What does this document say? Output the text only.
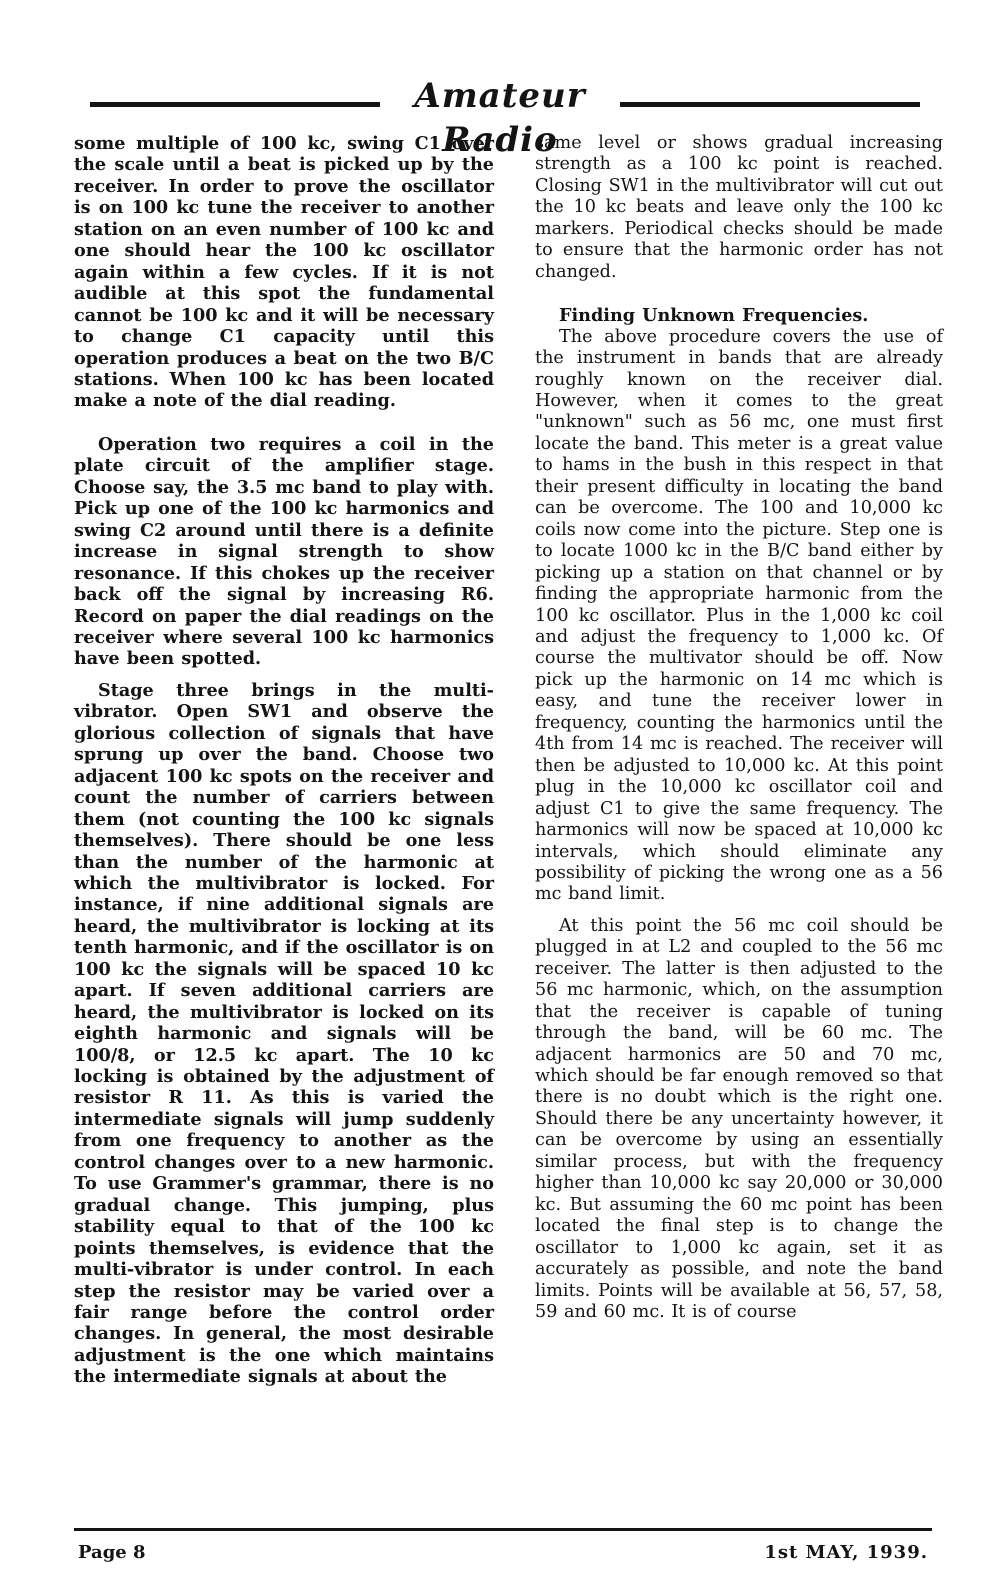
Amateur Radio

some multiple of 100 kc, swing C1 over the scale until a beat is picked up by the receiver. In order to prove the oscillator is on 100 kc tune the receiver to another station on an even number of 100 kc and one should hear the 100 kc oscillator again within a few cycles. If it is not audible at this spot the fundamental cannot be 100 kc and it will be necessary to change C1 capacity until this operation produces a beat on the two B/C stations. When 100 kc has been located make a note of the dial reading.

Operation two requires a coil in the plate circuit of the amplifier stage. Choose say, the 3.5 mc band to play with. Pick up one of the 100 kc harmonics and swing C2 around until there is a definite increase in signal strength to show resonance. If this chokes up the receiver back off the signal by increasing R6. Record on paper the dial readings on the receiver where several 100 kc harmonics have been spotted.

Stage three brings in the multi-vibrator. Open SW1 and observe the glorious collection of signals that have sprung up over the band. Choose two adjacent 100 kc spots on the receiver and count the number of carriers between them (not counting the 100 kc signals themselves). There should be one less than the number of the harmonic at which the multivibrator is locked. For instance, if nine additional signals are heard, the multivibrator is locking at its tenth harmonic, and if the oscillator is on 100 kc the signals will be spaced 10 kc apart. If seven additional carriers are heard, the multivibrator is locked on its eighth harmonic and signals will be 100/8, or 12.5 kc apart. The 10 kc locking is obtained by the adjustment of resistor R 11. As this is varied the intermediate signals will jump suddenly from one frequency to another as the control changes over to a new harmonic. To use Grammer's grammar, there is no gradual change. This jumping, plus stability equal to that of the 100 kc points themselves, is evidence that the multi-vibrator is under control. In each step the resistor may be varied over a fair range before the control order changes. In general, the most desirable adjustment is the one which maintains the intermediate signals at about the

same level or shows gradual increasing strength as a 100 kc point is reached. Closing SW1 in the multivibrator will cut out the 10 kc beats and leave only the 100 kc markers. Periodical checks should be made to ensure that the harmonic order has not changed.

Finding Unknown Frequencies.

The above procedure covers the use of the instrument in bands that are already roughly known on the receiver dial. However, when it comes to the great "unknown" such as 56 mc, one must first locate the band. This meter is a great value to hams in the bush in this respect in that their present difficulty in locating the band can be overcome. The 100 and 10,000 kc coils now come into the picture. Step one is to locate 1000 kc in the B/C band either by picking up a station on that channel or by finding the appropriate harmonic from the 100 kc oscillator. Plus in the 1,000 kc coil and adjust the frequency to 1,000 kc. Of course the multivator should be off. Now pick up the harmonic on 14 mc which is easy, and tune the receiver lower in frequency, counting the harmonics until the 4th from 14 mc is reached. The receiver will then be adjusted to 10,000 kc. At this point plug in the 10,000 kc oscillator coil and adjust C1 to give the same frequency. The harmonics will now be spaced at 10,000 kc intervals, which should eliminate any possibility of picking the wrong one as a 56 mc band limit.

At this point the 56 mc coil should be plugged in at L2 and coupled to the 56 mc receiver. The latter is then adjusted to the 56 mc harmonic, which, on the assumption that the receiver is capable of tuning through the band, will be 60 mc. The adjacent harmonics are 50 and 70 mc, which should be far enough removed so that there is no doubt which is the right one. Should there be any uncertainty however, it can be overcome by using an essentially similar process, but with the frequency higher than 10,000 kc say 20,000 or 30,000 kc. But assuming the 60 mc point has been located the final step is to change the oscillator to 1,000 kc again, set it as accurately as possible, and note the band limits. Points will be available at 56, 57, 58, 59 and 60 mc. It is of course

Page 8	1st MAY, 1939.
